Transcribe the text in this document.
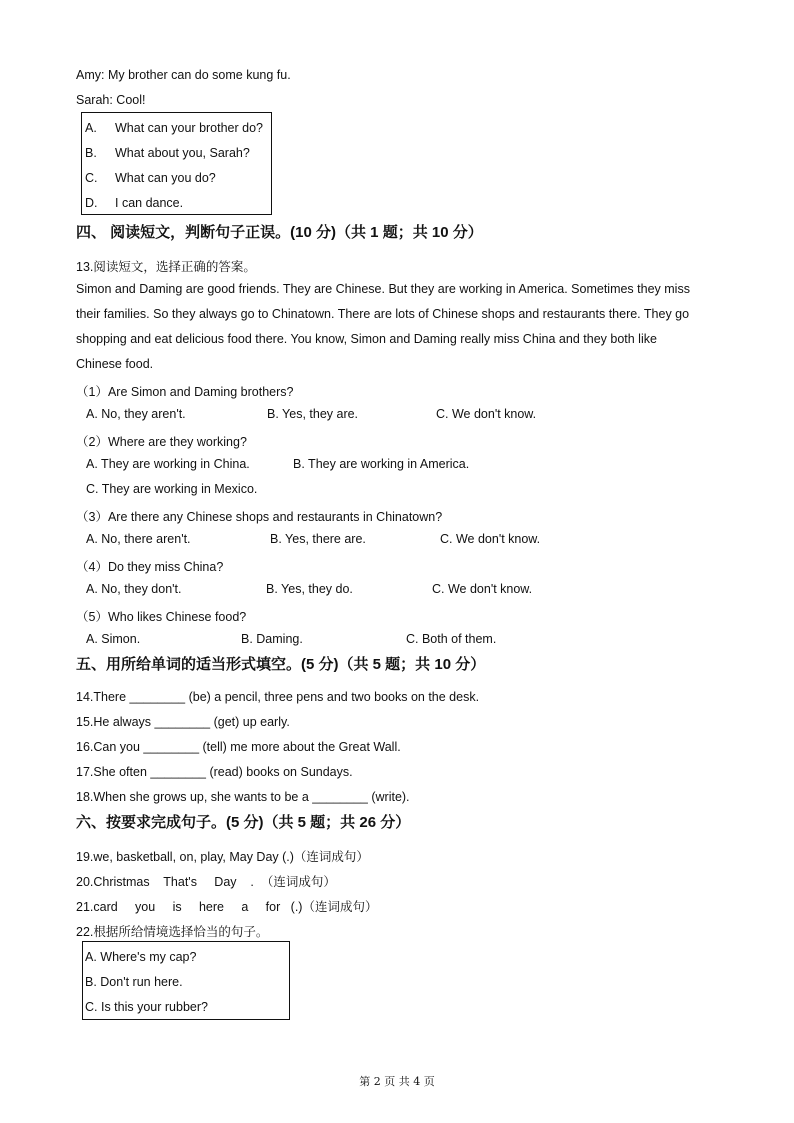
Amy: My brother can do some kung fu.
Sarah: Cool!
A. What can your brother do?
B. What about you, Sarah?
C. What can you do?
D. I can dance.
四、 阅读短文，判断句子正误。(10 分)（共 1 题；共 10 分）
13.阅读短文，选择正确的答案。
Simon and Daming are good friends. They are Chinese. But they are working in America. Sometimes they miss
their families. So they always go to Chinatown. There are lots of Chinese shops and restaurants there. They go
shopping and eat delicious food there. You know, Simon and Daming really miss China and they both like
Chinese food.
（1）Are Simon and Daming brothers?
A. No, they aren't.	B. Yes, they are.	C. We don't know.
（2）Where are they working?
A. They are working in China.	B. They are working in America.
C. They are working in Mexico.
（3）Are there any Chinese shops and restaurants in Chinatown?
A. No, there aren't.	B. Yes, there are.	C. We don't know.
（4）Do they miss China?
A. No, they don't.	B. Yes, they do.	C. We don't know.
（5）Who likes Chinese food?
A. Simon.	B. Daming.	C. Both of them.
五、用所给单词的适当形式填空。(5 分)（共 5 题；共 10 分）
14.There ________ (be) a pencil, three pens and two books on the desk.
15.He always ________ (get) up early.
16.Can you ________ (tell) me more about the Great Wall.
17.She often ________ (read) books on Sundays.
18.When she grows up, she wants to be a ________ (write).
六、按要求完成句子。(5 分)（共 5 题；共 26 分）
19.we, basketball, on, play, May Day (.)（连词成句）
20.Christmas    That's     Day    .  （连词成句）
21.card     you     is     here     a     for   (.)（连词成句）
22.根据所给情境选择恰当的句子。
A. Where's my cap?
B. Don't run here.
C. Is this your rubber?
第 2 页 共 4 页
